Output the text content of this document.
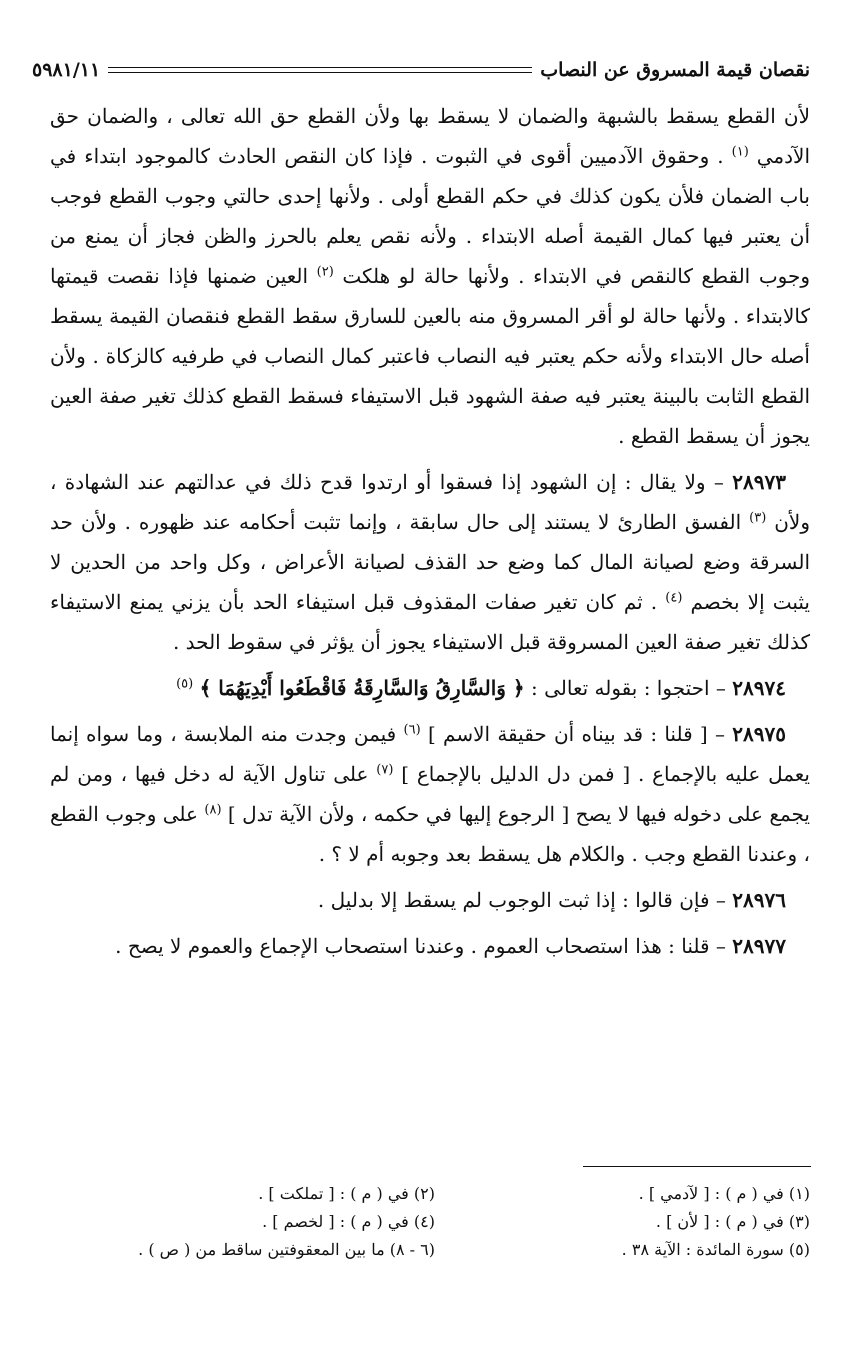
نقصان قيمة المسروق عن النصاب
٥٩٨١/١١

لأن القطع يسقط بالشبهة والضمان لا يسقط بها ولأن القطع حق الله تعالى ، والضمان حق الآدمي $^{(١)}$ . وحقوق الآدميين أقوى في الثبوت . فإذا كان النقص الحادث كالموجود ابتداء في باب الضمان فلأن يكون كذلك في حكم القطع أولى . ولأنها إحدى حالتي وجوب القطع فوجب أن يعتبر فيها كمال القيمة أصله الابتداء . ولأنه نقص يعلم بالحرز والظن فجاز أن يمنع من وجوب القطع كالنقص في الابتداء . ولأنها حالة لو هلكت $^{(٢)}$ العين ضمنها فإذا نقصت قيمتها كالابتداء . ولأنها حالة لو أقر المسروق منه بالعين للسارق سقط القطع فنقصان القيمة يسقط أصله حال الابتداء ولأنه حكم يعتبر فيه النصاب فاعتبر كمال النصاب في طرفيه كالزكاة . ولأن القطع الثابت بالبينة يعتبر فيه صفة الشهود قبل الاستيفاء فسقط القطع كذلك تغير صفة العين يجوز أن يسقط القطع .

٢٨٩٧٣ – ولا يقال : إن الشهود إذا فسقوا أو ارتدوا قدح ذلك في عدالتهم عند الشهادة ، ولأن $^{(٣)}$ الفسق الطارئ لا يستند إلى حال سابقة ، وإنما تثبت أحكامه عند ظهوره . ولأن حد السرقة وضع لصيانة المال كما وضع حد القذف لصيانة الأعراض ، وكل واحد من الحدين لا يثبت إلا بخصم $^{(٤)}$ . ثم كان تغير صفات المقذوف قبل استيفاء الحد بأن يزني يمنع الاستيفاء كذلك تغير صفة العين المسروقة قبل الاستيفاء يجوز أن يؤثر في سقوط الحد .

٢٨٩٧٤ – احتجوا : بقوله تعالى : ﴿ وَالسَّارِقُ وَالسَّارِقَةُ فَاقْطَعُوا أَيْدِيَهُمَا ﴾ $^{(٥)}$

٢٨٩٧٥ – [ قلنا : قد بيناه أن حقيقة الاسم ] $^{(٦)}$ فيمن وجدت منه الملابسة ، وما سواه إنما يعمل عليه بالإجماع . [ فمن دل الدليل بالإجماع ] $^{(٧)}$ على تناول الآية له دخل فيها ، ومن لم يجمع على دخوله فيها لا يصح [ الرجوع إليها في حكمه ، ولأن الآية تدل ] $^{(٨)}$ على وجوب القطع ، وعندنا القطع وجب . والكلام هل يسقط بعد وجوبه أم لا ؟ .

٢٨٩٧٦ – فإن قالوا : إذا ثبت الوجوب لم يسقط إلا بدليل .

٢٨٩٧٧ – قلنا : هذا استصحاب العموم . وعندنا استصحاب الإجماع والعموم لا يصح .

(١) في ( م ) : [ لآدمي ] .
(٢) في ( م ) : [ تملكت ] .
(٣) في ( م ) : [ لأن ] .
(٤) في ( م ) : [ لخصم ] .
(٥) سورة المائدة : الآية ٣٨ .
(٦ - ٨) ما بين المعقوفتين ساقط من ( ص ) .
